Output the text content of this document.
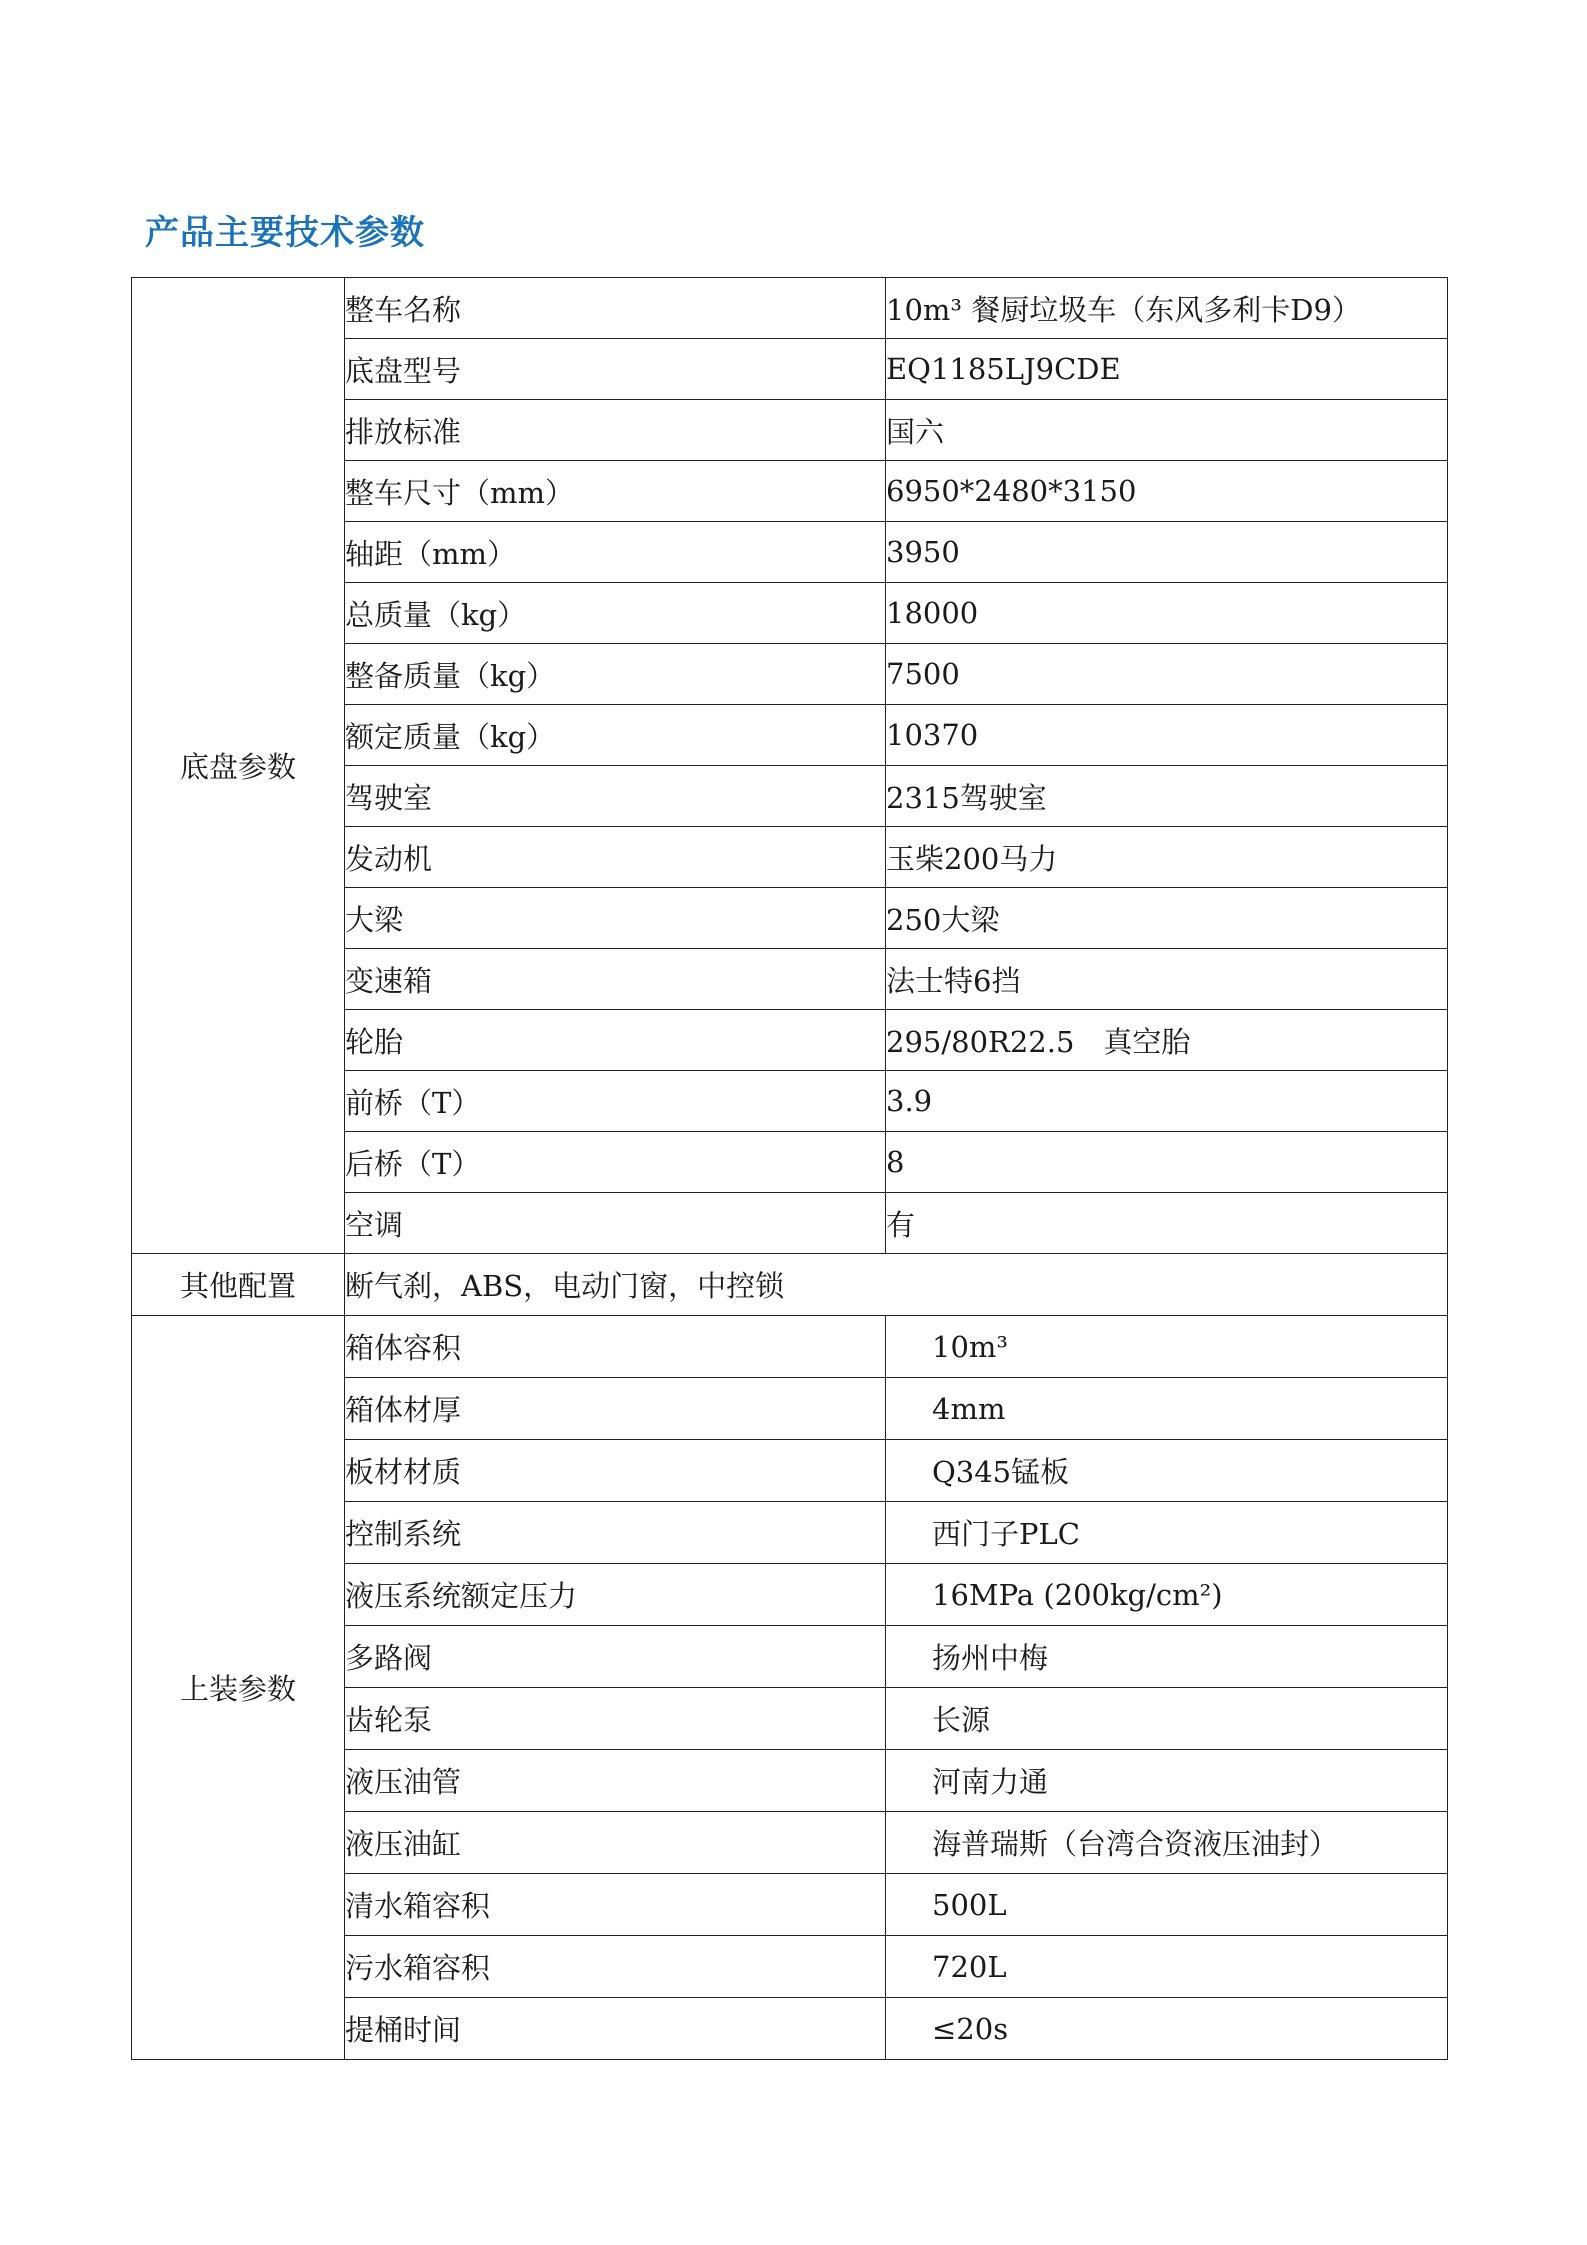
产品主要技术参数
底盘参数	整车名称	10m³ 餐厨垃圾车（东风多利卡D9）
	底盘型号	EQ1185LJ9CDE
	排放标准	国六
	整车尺寸（mm）	6950*2480*3150
	轴距（mm）	3950
	总质量（kg）	18000
	整备质量（kg）	7500
	额定质量（kg）	10370
	驾驶室	2315驾驶室
	发动机	玉柴200马力
	大梁	250大梁
	变速箱	法士特6挡
	轮胎	295/80R22.5　真空胎
	前桥（T）	3.9
	后桥（T）	8
	空调	有
其他配置	断气刹，ABS，电动门窗，中控锁	
上装参数	箱体容积	10m³
	箱体材厚	4mm
	板材材质	Q345锰板
	控制系统	西门子PLC
	液压系统额定压力	16MPa (200kg/cm²)
	多路阀	扬州中梅
	齿轮泵	长源
	液压油管	河南力通
	液压油缸	海普瑞斯（台湾合资液压油封）
	清水箱容积	500L
	污水箱容积	720L
	提桶时间	≤20s
